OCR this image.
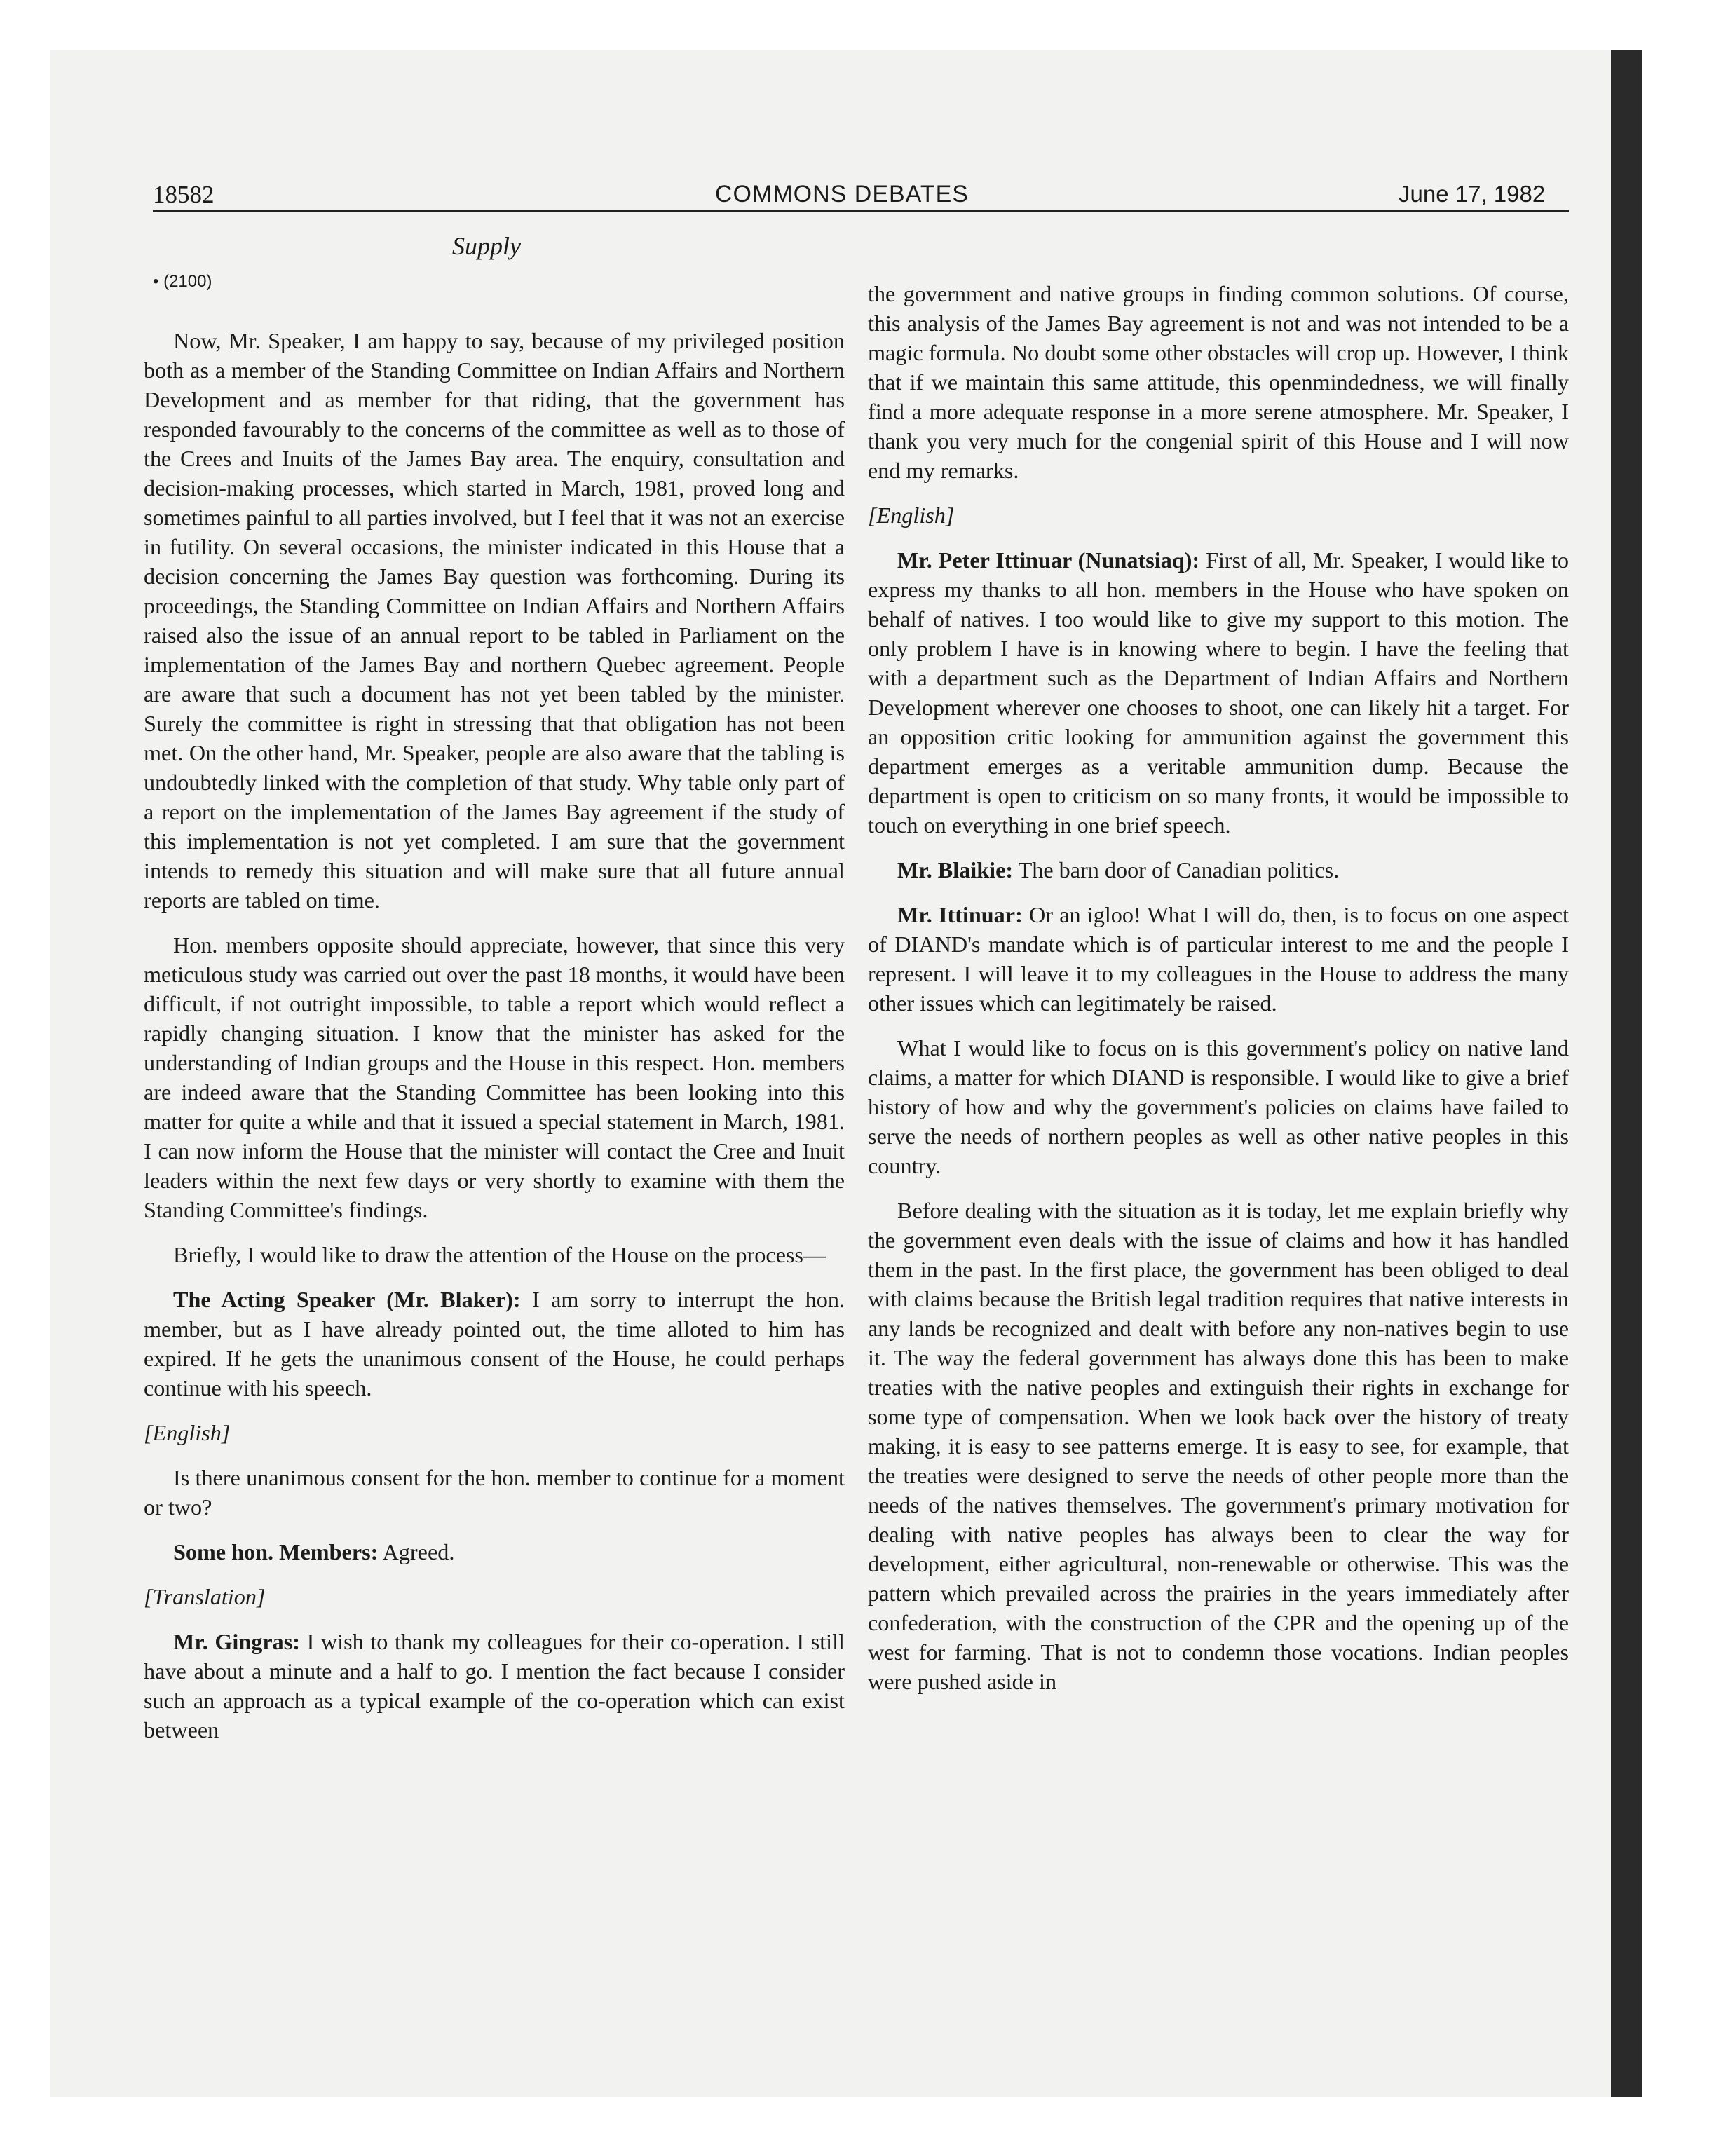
18582	COMMONS DEBATES	June 17, 1982
Supply
• (2100)

Now, Mr. Speaker, I am happy to say, because of my privileged position both as a member of the Standing Committee on Indian Affairs and Northern Development and as member for that riding, that the government has responded favourably to the concerns of the committee as well as to those of the Crees and Inuits of the James Bay area. The enquiry, consultation and decision-making processes, which started in March, 1981, proved long and sometimes painful to all parties involved, but I feel that it was not an exercise in futility. On several occasions, the minister indicated in this House that a decision concerning the James Bay question was forthcoming. During its proceedings, the Standing Committee on Indian Affairs and Northern Affairs raised also the issue of an annual report to be tabled in Parliament on the implementation of the James Bay and northern Quebec agreement. People are aware that such a document has not yet been tabled by the minister. Surely the committee is right in stressing that that obligation has not been met. On the other hand, Mr. Speaker, people are also aware that the tabling is undoubtedly linked with the completion of that study. Why table only part of a report on the implementation of the James Bay agreement if the study of this implementation is not yet completed. I am sure that the government intends to remedy this situation and will make sure that all future annual reports are tabled on time.

Hon. members opposite should appreciate, however, that since this very meticulous study was carried out over the past 18 months, it would have been difficult, if not outright impossible, to table a report which would reflect a rapidly changing situation. I know that the minister has asked for the understanding of Indian groups and the House in this respect. Hon. members are indeed aware that the Standing Committee has been looking into this matter for quite a while and that it issued a special statement in March, 1981. I can now inform the House that the minister will contact the Cree and Inuit leaders within the next few days or very shortly to examine with them the Standing Committee's findings.

Briefly, I would like to draw the attention of the House on the process—

The Acting Speaker (Mr. Blaker): I am sorry to interrupt the hon. member, but as I have already pointed out, the time alloted to him has expired. If he gets the unanimous consent of the House, he could perhaps continue with his speech.

[English]

Is there unanimous consent for the hon. member to continue for a moment or two?

Some hon. Members: Agreed.

[Translation]

Mr. Gingras: I wish to thank my colleagues for their co-operation. I still have about a minute and a half to go. I mention the fact because I consider such an approach as a typical example of the co-operation which can exist between

the government and native groups in finding common solutions. Of course, this analysis of the James Bay agreement is not and was not intended to be a magic formula. No doubt some other obstacles will crop up. However, I think that if we maintain this same attitude, this openmindedness, we will finally find a more adequate response in a more serene atmosphere. Mr. Speaker, I thank you very much for the congenial spirit of this House and I will now end my remarks.

[English]

Mr. Peter Ittinuar (Nunatsiaq): First of all, Mr. Speaker, I would like to express my thanks to all hon. members in the House who have spoken on behalf of natives. I too would like to give my support to this motion. The only problem I have is in knowing where to begin. I have the feeling that with a department such as the Department of Indian Affairs and Northern Development wherever one chooses to shoot, one can likely hit a target. For an opposition critic looking for ammunition against the government this department emerges as a veritable ammunition dump. Because the department is open to criticism on so many fronts, it would be impossible to touch on everything in one brief speech.

Mr. Blaikie: The barn door of Canadian politics.

Mr. Ittinuar: Or an igloo! What I will do, then, is to focus on one aspect of DIAND's mandate which is of particular interest to me and the people I represent. I will leave it to my colleagues in the House to address the many other issues which can legitimately be raised.

What I would like to focus on is this government's policy on native land claims, a matter for which DIAND is responsible. I would like to give a brief history of how and why the government's policies on claims have failed to serve the needs of northern peoples as well as other native peoples in this country.

Before dealing with the situation as it is today, let me explain briefly why the government even deals with the issue of claims and how it has handled them in the past. In the first place, the government has been obliged to deal with claims because the British legal tradition requires that native interests in any lands be recognized and dealt with before any non-natives begin to use it. The way the federal government has always done this has been to make treaties with the native peoples and extinguish their rights in exchange for some type of compensation. When we look back over the history of treaty making, it is easy to see patterns emerge. It is easy to see, for example, that the treaties were designed to serve the needs of other people more than the needs of the natives themselves. The government's primary motivation for dealing with native peoples has always been to clear the way for development, either agricultural, non-renewable or otherwise. This was the pattern which prevailed across the prairies in the years immediately after confederation, with the construction of the CPR and the opening up of the west for farming. That is not to condemn those vocations. Indian peoples were pushed aside in
